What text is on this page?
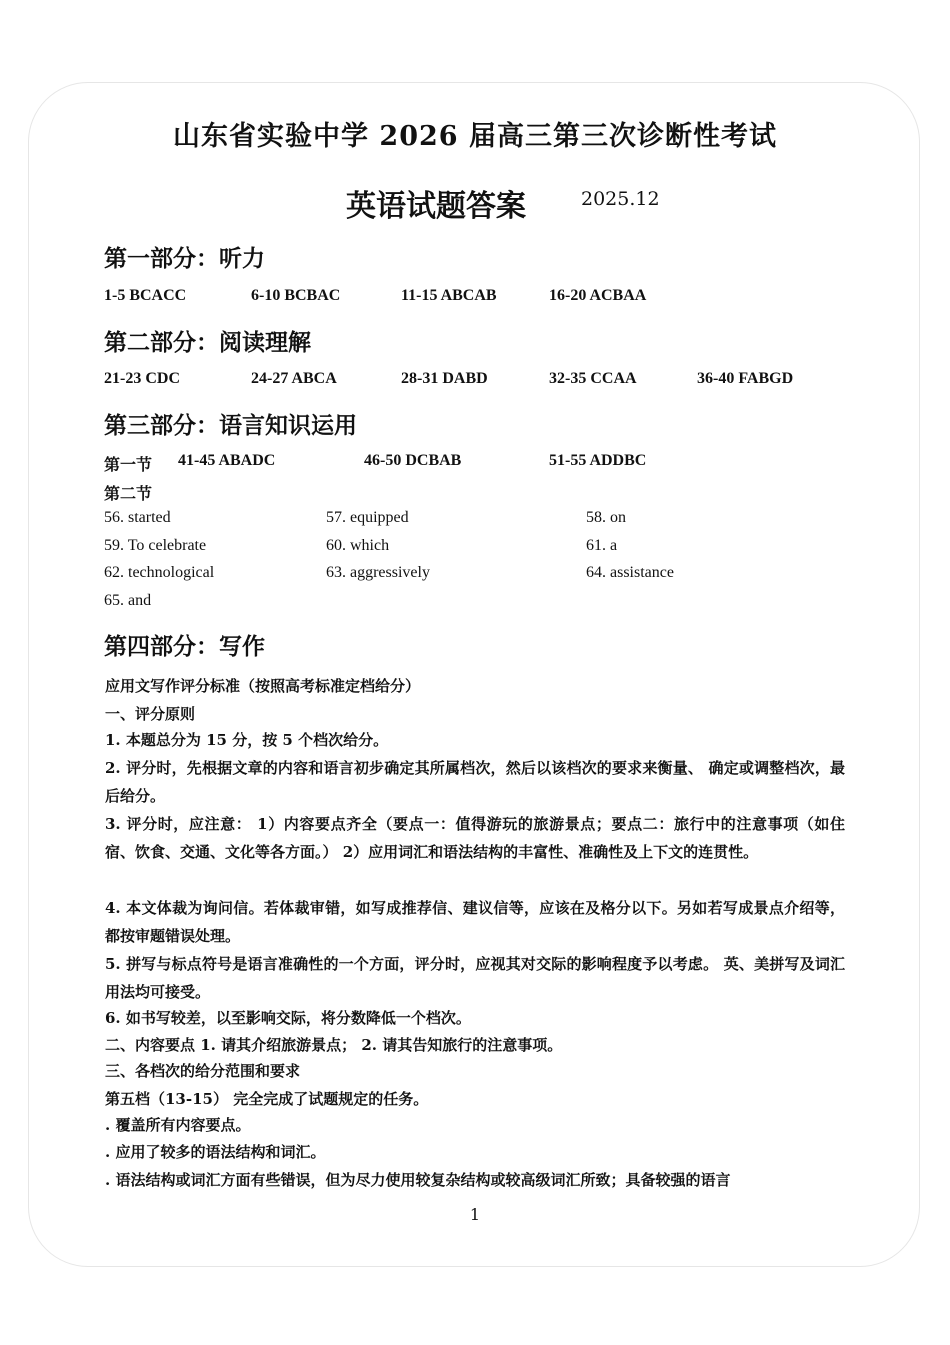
山东省实验中学 2026 届高三第三次诊断性考试
英语试题答案	2025.12
第一部分：听力
1-5 BCACC	6-10 BCBAC	11-15 ABCAB	16-20 ACBAA
第二部分：阅读理解
21-23 CDC	24-27 ABCA	28-31 DABD	32-35 CCAA	36-40 FABGD
第三部分：语言知识运用
第一节 41-45 ABADC	46-50 DCBAB	51-55 ADDBC
第二节
56. started	57. equipped	58. on
59. To celebrate	60. which	61. a
62. technological	63. aggressively	64. assistance
65. and
第四部分：写作
应用文写作评分标准（按照高考标准定档给分）
一、评分原则
1. 本题总分为 15 分，按 5 个档次给分。
2. 评分时，先根据文章的内容和语言初步确定其所属档次，然后以该档次的要求来衡量、 确定或调整档次，最后给分。
3. 评分时，应注意： 1）内容要点齐全（要点一：值得游玩的旅游景点；要点二：旅行中的注意事项（如住宿、饮食、交通、文化等各方面。） 2）应用词汇和语法结构的丰富性、准确性及上下文的连贯性。
4. 本文体裁为询问信。若体裁审错，如写成推荐信、建议信等，应该在及格分以下。另如若写成景点介绍等，都按审题错误处理。
5. 拼写与标点符号是语言准确性的一个方面，评分时，应视其对交际的影响程度予以考虑。 英、美拼写及词汇用法均可接受。
6. 如书写较差，以至影响交际，将分数降低一个档次。
二、内容要点 1. 请其介绍旅游景点； 2. 请其告知旅行的注意事项。
三、各档次的给分范围和要求
第五档（13-15） 完全完成了试题规定的任务。
. 覆盖所有内容要点。
. 应用了较多的语法结构和词汇。
. 语法结构或词汇方面有些错误，但为尽力使用较复杂结构或较高级词汇所致；具备较强的语言
1
